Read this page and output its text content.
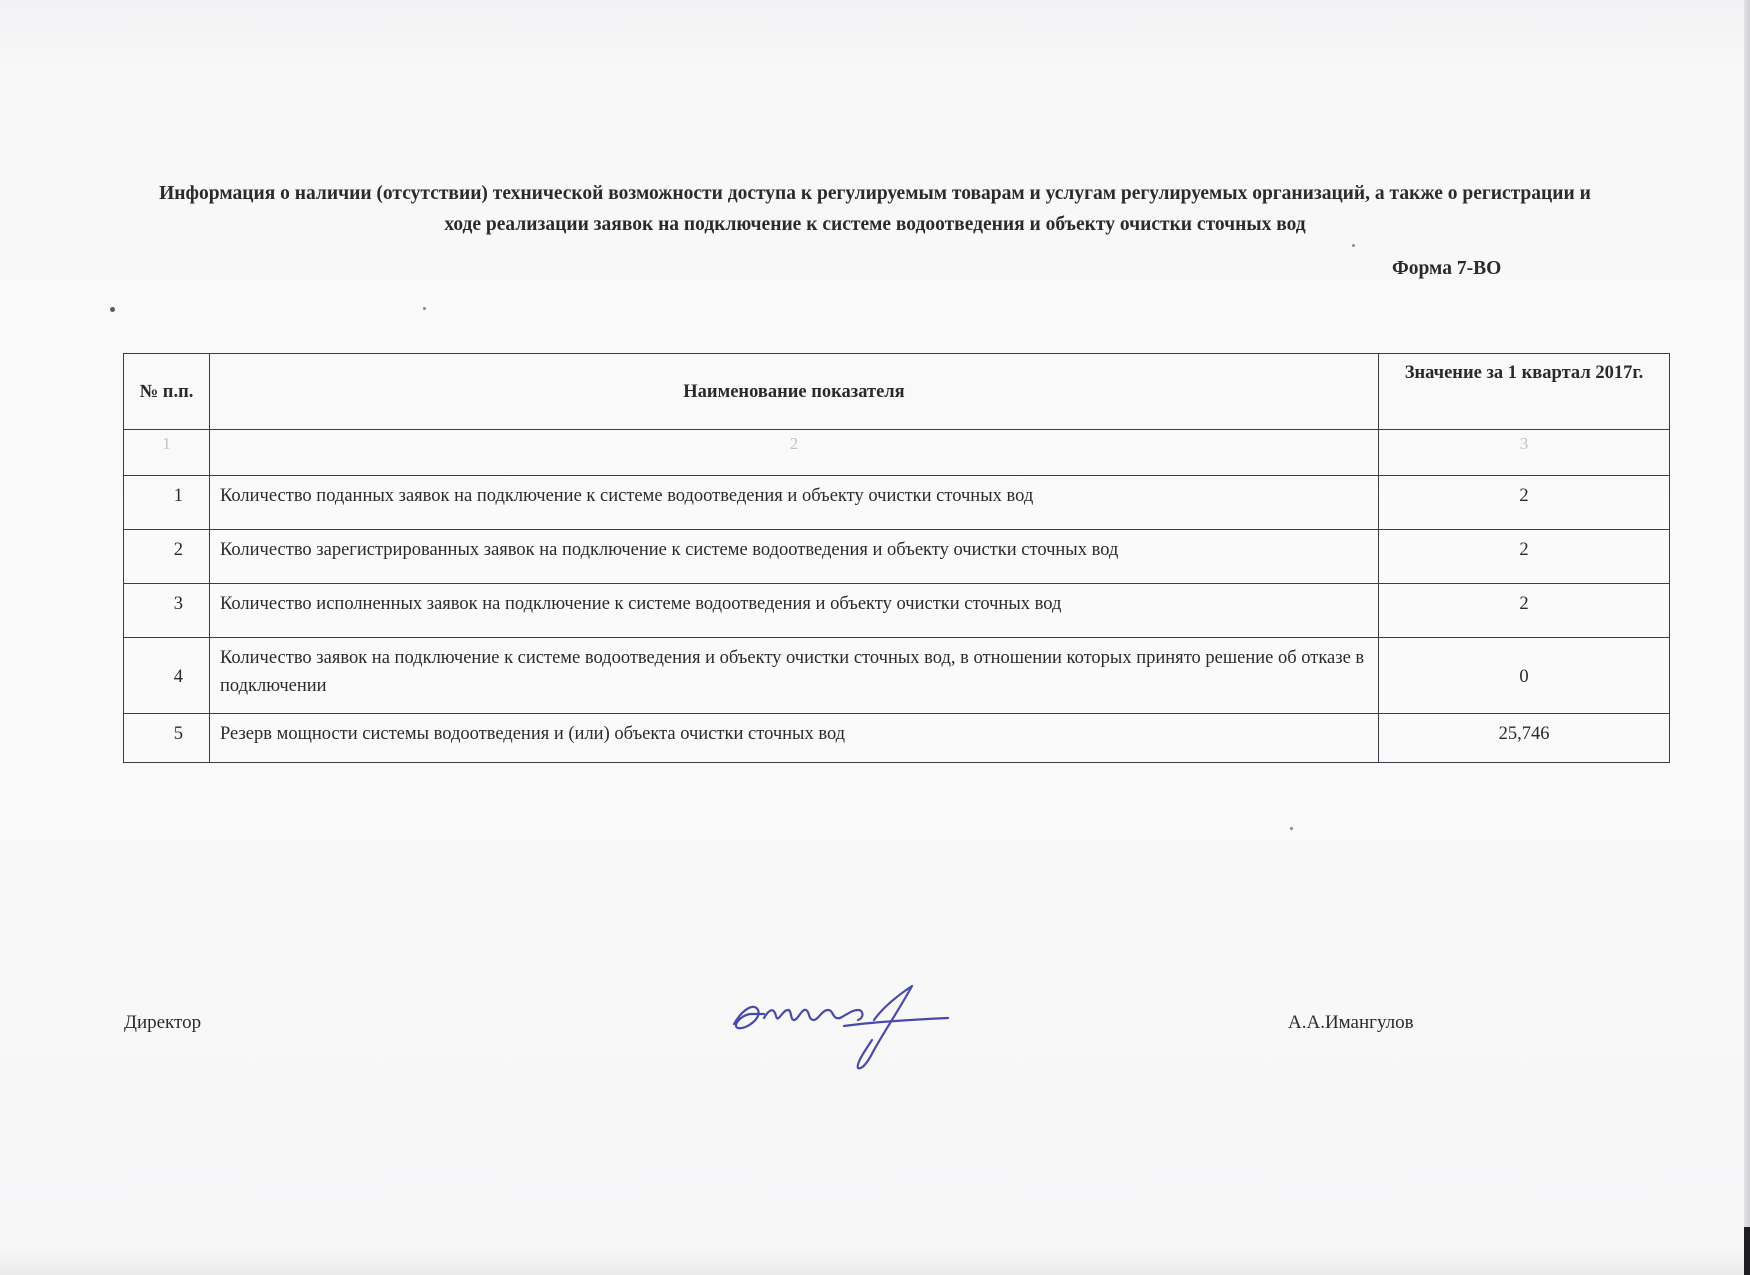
Информация о наличии (отсутствии) технической возможности доступа к регулируемым товарам и услугам регулируемых организаций, а также о регистрации и ходе реализации заявок на подключение к системе водоотведения и объекту очистки сточных вод
Форма 7-ВО
№ п.п.	Наименование показателя	Значение за 1 квартал 2017г.
1	2	3
1	Количество поданных заявок на подключение к системе водоотведения и объекту очистки сточных вод	2
2	Количество зарегистрированных заявок на подключение к системе водоотведения и объекту очистки сточных вод	2
3	Количество исполненных заявок на подключение к системе водоотведения и объекту очистки сточных вод	2
4	Количество заявок на подключение к системе водоотведения и объекту очистки сточных вод, в отношении которых принято решение об отказе в подключении	0
5	Резерв мощности системы водоотведения и (или) объекта очистки сточных вод	25,746
Директор	А.А.Имангулов
